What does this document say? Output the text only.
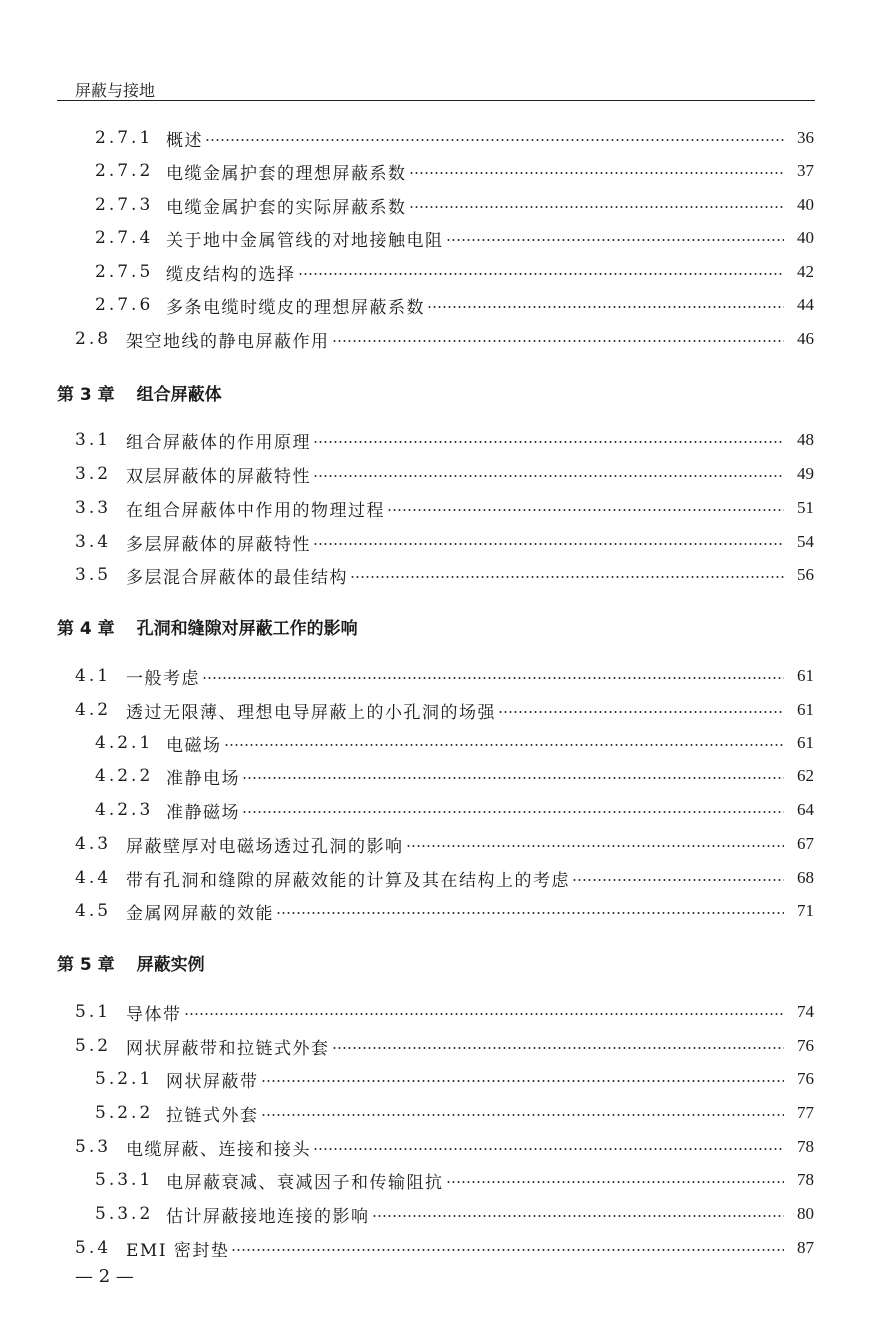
屏蔽与接地
2.7.1 概述	36
2.7.2 电缆金属护套的理想屏蔽系数	37
2.7.3 电缆金属护套的实际屏蔽系数	40
2.7.4 关于地中金属管线的对地接触电阻	40
2.7.5 缆皮结构的选择	42
2.7.6 多条电缆时缆皮的理想屏蔽系数	44
2.8 架空地线的静电屏蔽作用	46
第 3 章 组合屏蔽体
3.1 组合屏蔽体的作用原理	48
3.2 双层屏蔽体的屏蔽特性	49
3.3 在组合屏蔽体中作用的物理过程	51
3.4 多层屏蔽体的屏蔽特性	54
3.5 多层混合屏蔽体的最佳结构	56
第 4 章 孔洞和缝隙对屏蔽工作的影响
4.1 一般考虑	61
4.2 透过无限薄、理想电导屏蔽上的小孔洞的场强	61
4.2.1 电磁场	61
4.2.2 准静电场	62
4.2.3 准静磁场	64
4.3 屏蔽壁厚对电磁场透过孔洞的影响	67
4.4 带有孔洞和缝隙的屏蔽效能的计算及其在结构上的考虑	68
4.5 金属网屏蔽的效能	71
第 5 章 屏蔽实例
5.1 导体带	74
5.2 网状屏蔽带和拉链式外套	76
5.2.1 网状屏蔽带	76
5.2.2 拉链式外套	77
5.3 电缆屏蔽、连接和接头	78
5.3.1 电屏蔽衰减、衰减因子和传输阻抗	78
5.3.2 估计屏蔽接地连接的影响	80
5.4 EMI 密封垫	87
— 2 —
